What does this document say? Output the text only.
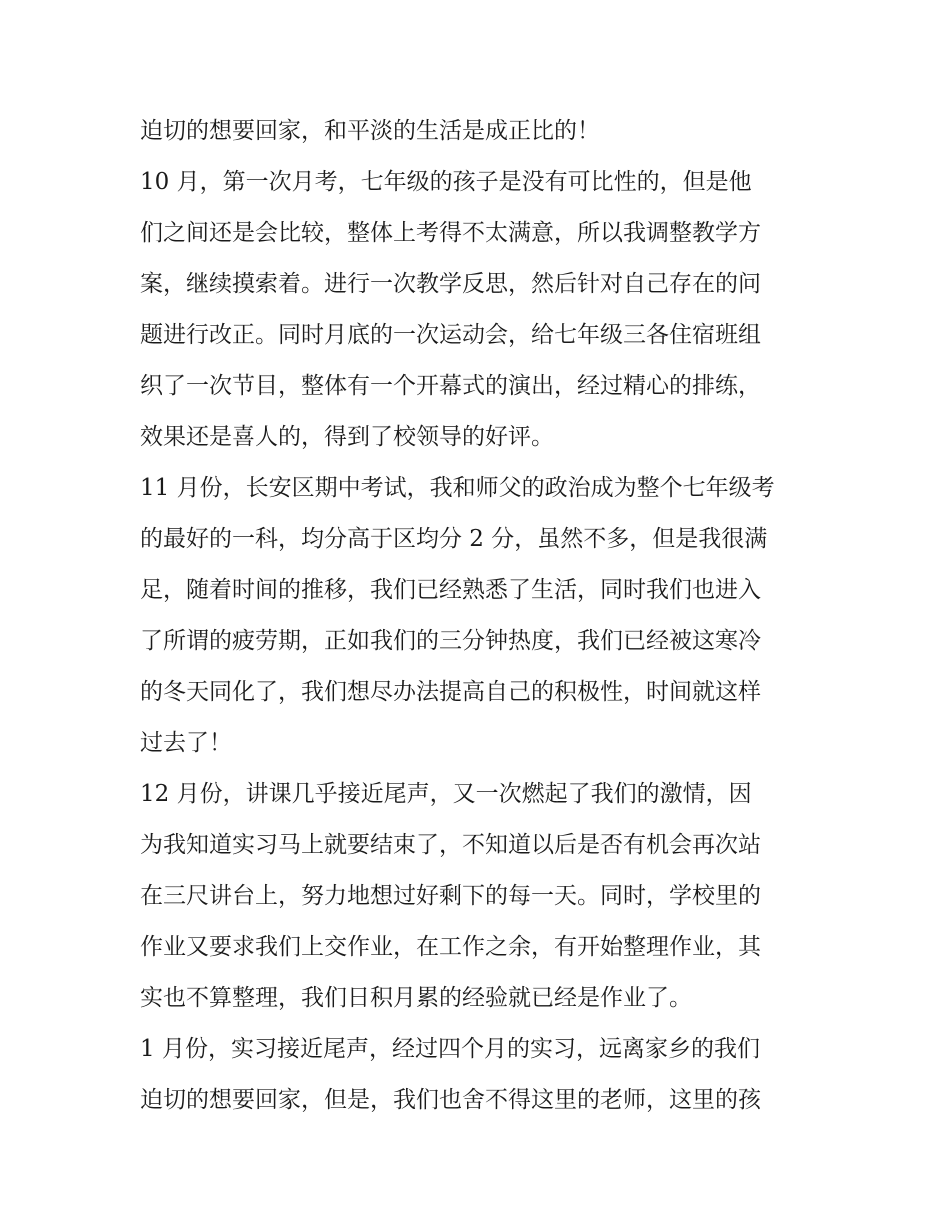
迫切的想要回家，和平淡的生活是成正比的！
10 月，第一次月考，七年级的孩子是没有可比性的，但是他
们之间还是会比较，整体上考得不太满意，所以我调整教学方
案，继续摸索着。进行一次教学反思，然后针对自己存在的问
题进行改正。同时月底的一次运动会，给七年级三各住宿班组
织了一次节目，整体有一个开幕式的演出，经过精心的排练，
效果还是喜人的，得到了校领导的好评。
11 月份，长安区期中考试，我和师父的政治成为整个七年级考
的最好的一科，均分高于区均分 2 分，虽然不多，但是我很满
足，随着时间的推移，我们已经熟悉了生活，同时我们也进入
了所谓的疲劳期，正如我们的三分钟热度，我们已经被这寒冷
的冬天同化了，我们想尽办法提高自己的积极性，时间就这样
过去了！
12 月份，讲课几乎接近尾声，又一次燃起了我们的激情，因
为我知道实习马上就要结束了，不知道以后是否有机会再次站
在三尺讲台上，努力地想过好剩下的每一天。同时，学校里的
作业又要求我们上交作业，在工作之余，有开始整理作业，其
实也不算整理，我们日积月累的经验就已经是作业了。
1 月份，实习接近尾声，经过四个月的实习，远离家乡的我们
迫切的想要回家，但是，我们也舍不得这里的老师，这里的孩
